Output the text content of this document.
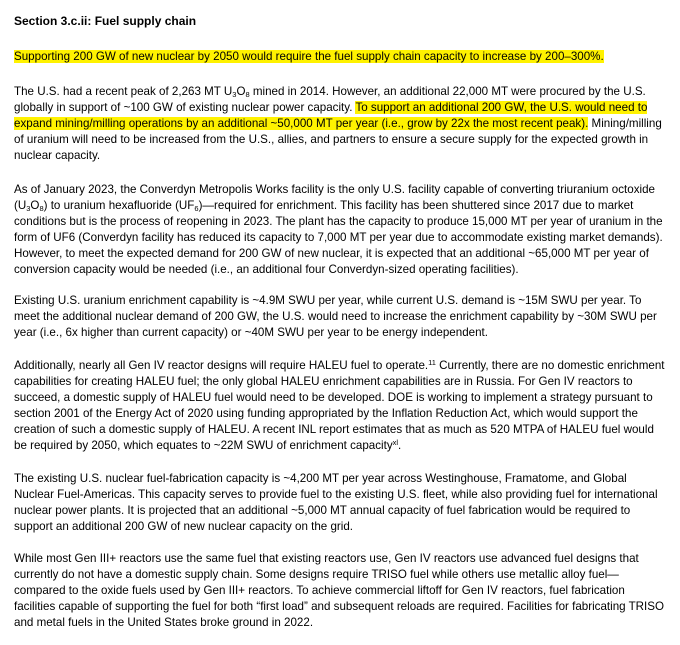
Section 3.c.ii: Fuel supply chain

Supporting 200 GW of new nuclear by 2050 would require the fuel supply chain capacity to increase by 200–300%.

The U.S. had a recent peak of 2,263 MT $U_3O_8$ mined in 2014. However, an additional 22,000 MT were procured by the U.S. globally in support of ~100 GW of existing nuclear power capacity. To support an additional 200 GW, the U.S. would need to expand mining/milling operations by an additional ~50,000 MT per year (i.e., grow by 22x the most recent peak). Mining/milling of uranium will need to be increased from the U.S., allies, and partners to ensure a secure supply for the expected growth in nuclear capacity.

As of January 2023, the Converdyn Metropolis Works facility is the only U.S. facility capable of converting triuranium octoxide $(U_3O_8)$ to uranium hexafluoride $(UF_6)—required$ for enrichment. This facility has been shuttered since 2017 due to market conditions but is the process of reopening in 2023. The plant has the capacity to produce 15,000 MT per year of uranium in the form of UF6 (Converdyn facility has reduced its capacity to 7,000 MT per year due to accommodate existing market demands). However, to meet the expected demand for 200 GW of new nuclear, it is expected that an additional ~65,000 MT per year of conversion capacity would be needed (i.e., an additional four Converdyn-sized operating facilities).

Existing U.S. uranium enrichment capability is ~4.9M SWU per year, while current U.S. demand is ~15M SWU per year. To meet the additional nuclear demand of 200 GW, the U.S. would need to increase the enrichment capability by ~30M SWU per year (i.e., 6x higher than current capacity) or ~40M SWU per year to be energy independent.

Additionally, nearly all Gen IV reactor designs will require HALEU fuel to operate.$^{11}$ Currently, there are no domestic enrichment capabilities for creating HALEU fuel; the only global HALEU enrichment capabilities are in Russia. For Gen IV reactors to succeed, a domestic supply of HALEU fuel would need to be developed. DOE is working to implement a strategy pursuant to section 2001 of the Energy Act of 2020 using funding appropriated by the Inflation Reduction Act, which would support the creation of such a domestic supply of HALEU. A recent INL report estimates that as much as 520 MTPA of HALEU fuel would be required by 2050, which equates to ~22M SWU of enrichment capacity$^{xl}$.

The existing U.S. nuclear fuel-fabrication capacity is ~4,200 MT per year across Westinghouse, Framatome, and Global Nuclear Fuel-Americas. This capacity serves to provide fuel to the existing U.S. fleet, while also providing fuel for international nuclear power plants. It is projected that an additional ~5,000 MT annual capacity of fuel fabrication would be required to support an additional 200 GW of new nuclear capacity on the grid.

While most Gen III+ reactors use the same fuel that existing reactors use, Gen IV reactors use advanced fuel designs that currently do not have a domestic supply chain. Some designs require TRISO fuel while others use metallic alloy fuel—compared to the oxide fuels used by Gen III+ reactors. To achieve commercial liftoff for Gen IV reactors, fuel fabrication facilities capable of supporting the fuel for both “first load” and subsequent reloads are required. Facilities for fabricating TRISO and metal fuels in the United States broke ground in 2022.
